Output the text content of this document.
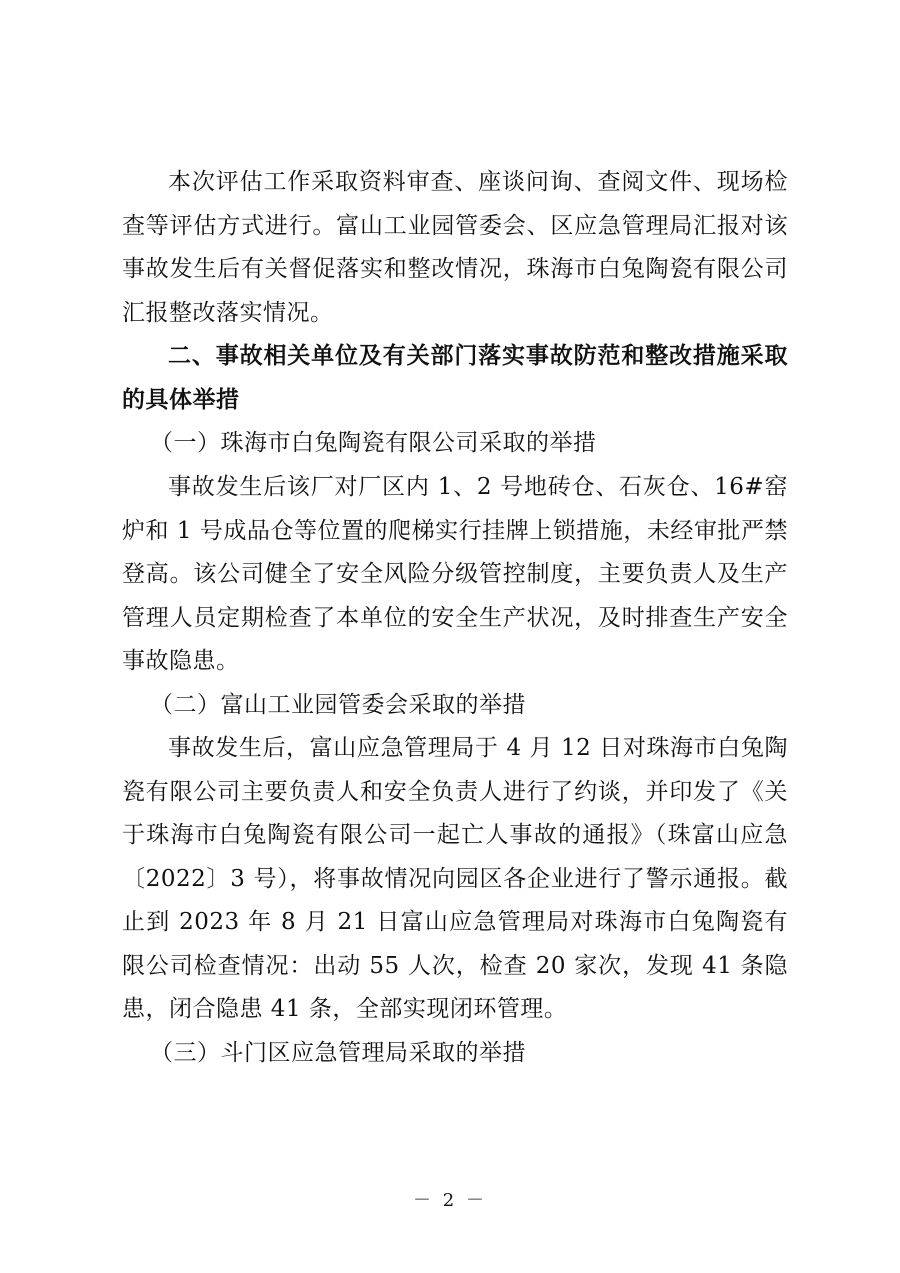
本次评估工作采取资料审查、座谈问询、查阅文件、现场检查等评估方式进行。富山工业园管委会、区应急管理局汇报对该事故发生后有关督促落实和整改情况，珠海市白兔陶瓷有限公司汇报整改落实情况。

二、事故相关单位及有关部门落实事故防范和整改措施采取的具体举措

（一）珠海市白兔陶瓷有限公司采取的举措

事故发生后该厂对厂区内 1、2 号地砖仓、石灰仓、16#窑炉和 1 号成品仓等位置的爬梯实行挂牌上锁措施，未经审批严禁登高。该公司健全了安全风险分级管控制度，主要负责人及生产管理人员定期检查了本单位的安全生产状况，及时排查生产安全事故隐患。

（二）富山工业园管委会采取的举措

事故发生后，富山应急管理局于 4 月 12 日对珠海市白兔陶瓷有限公司主要负责人和安全负责人进行了约谈，并印发了《关于珠海市白兔陶瓷有限公司一起亡人事故的通报》（珠富山应急〔2022〕3 号），将事故情况向园区各企业进行了警示通报。截止到 2023 年 8 月 21 日富山应急管理局对珠海市白兔陶瓷有限公司检查情况：出动 55 人次，检查 20 家次，发现 41 条隐患，闭合隐患 41 条，全部实现闭环管理。

（三）斗门区应急管理局采取的举措

－ 2 －
